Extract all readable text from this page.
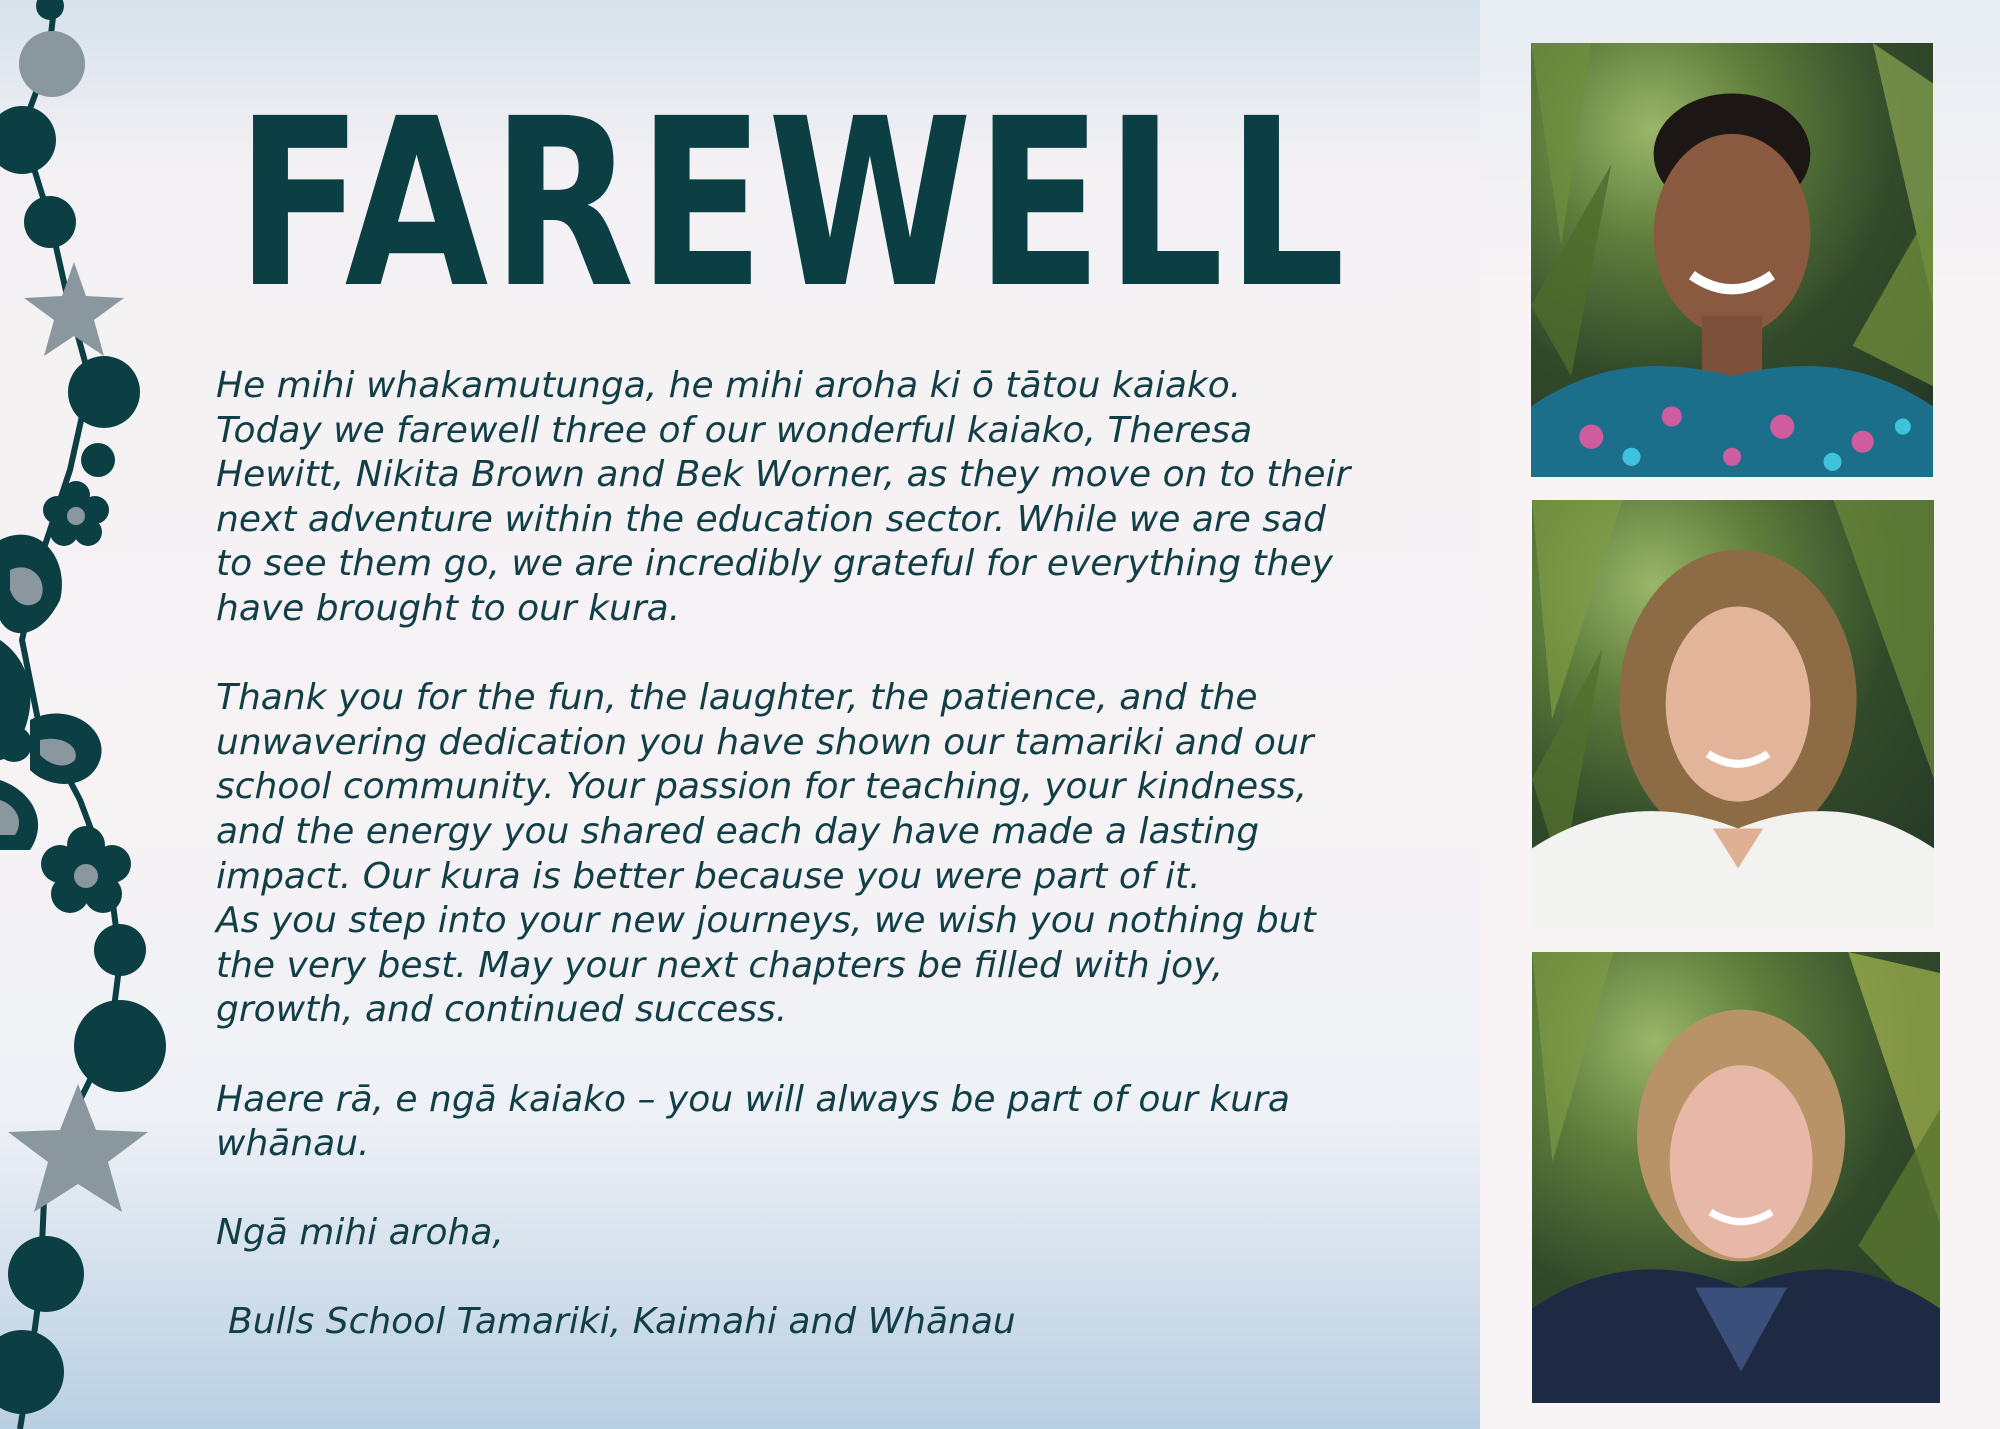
FAREWELL

He mihi whakamutunga, he mihi aroha ki ō tātou kaiako.

Today we farewell three of our wonderful kaiako, Theresa

Hewitt, Nikita Brown and Bek Worner, as they move on to their

next adventure within the education sector. While we are sad

to see them go, we are incredibly grateful for everything they

have brought to our kura.

Thank you for the fun, the laughter, the patience, and the

unwavering dedication you have shown our tamariki and our

school community. Your passion for teaching, your kindness,

and the energy you shared each day have made a lasting

impact. Our kura is better because you were part of it.

As you step into your new journeys, we wish you nothing but

the very best. May your next chapters be filled with joy,

growth, and continued success.

Haere rā, e ngā kaiako – you will always be part of our kura

whānau.

Ngā mihi aroha,

Bulls School Tamariki, Kaimahi and Whānau
